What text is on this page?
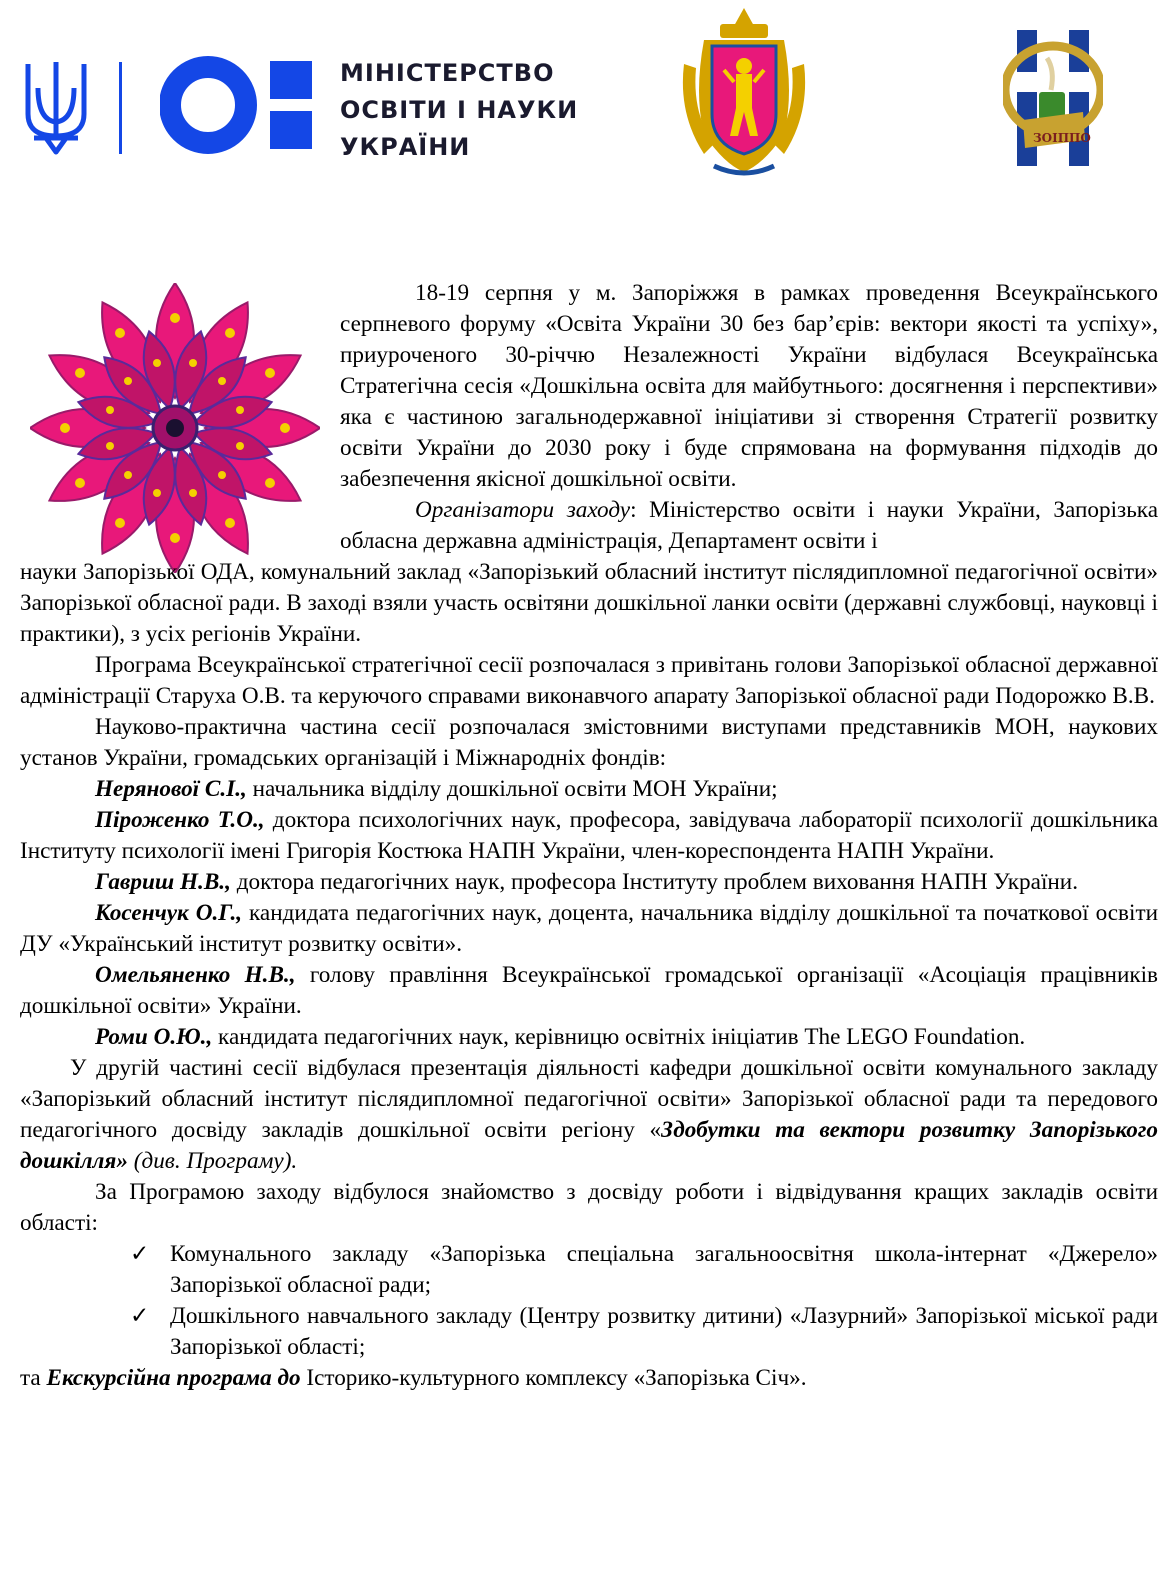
МІНІСТЕРСТВО
ОСВІТИ І НАУКИ
УКРАЇНИ	ЗОІППО

18-19 серпня у м. Запоріжжя в рамках проведення Всеукраїнського серпневого форуму «Освіта України 30 без бар’єрів: вектори якості та успіху», приуроченого 30-річчю Незалежності України відбулася Всеукраїнська Стратегічна сесія «Дошкільна освіта для майбутнього: досягнення і перспективи» яка є частиною загальнодержавної ініціативи зі створення Стратегії розвитку освіти України до 2030 року і буде спрямована на формування підходів до забезпечення якісної дошкільної освіти.

Організатори заходу: Міністерство освіти і науки України, Запорізька обласна державна адміністрація, Департамент освіти і

науки Запорізької ОДА, комунальний заклад «Запорізький обласний інститут післядипломної педагогічної освіти» Запорізької обласної ради. В заході взяли участь освітяни дошкільної ланки освіти (державні службовці, науковці і практики), з усіх регіонів України.

Програма Всеукраїнської стратегічної сесії розпочалася з привітань голови Запорізької обласної державної адміністрації Старуха О.В. та керуючого справами виконавчого апарату Запорізької обласної ради Подорожко В.В.

Науково-практична частина сесії розпочалася змістовними виступами представників МОН, наукових установ України, громадських організацій і Міжнародніх фондів:

Нерянової С.І., начальника відділу дошкільної освіти МОН України;

Піроженко Т.О., доктора психологічних наук, професора, завідувача лабораторії психології дошкільника Інституту психології імені Григорія Костюка НАПН України, член-кореспондента НАПН України.

Гавриш Н.В., доктора педагогічних наук, професора Інституту проблем виховання НАПН України.

Косенчук О.Г., кандидата педагогічних наук, доцента, начальника відділу дошкільної та початкової освіти ДУ «Український інститут розвитку освіти».

Омельяненко Н.В., голову правління Всеукраїнської громадської організації «Асоціація працівників дошкільної освіти» України.

Роми О.Ю., кандидата педагогічних наук, керівницю освітніх ініціатив The LEGO Foundation.

У другій частині сесії відбулася презентація діяльності кафедри дошкільної освіти комунального закладу «Запорізький обласний інститут післядипломної педагогічної освіти» Запорізької обласної ради та передового педагогічного досвіду закладів дошкільної освіти регіону «Здобутки та вектори розвитку Запорізького дошкілля» (див. Програму).

За Програмою заходу відбулося знайомство з досвіду роботи і відвідування кращих закладів освіти області:

✓ Комунального закладу «Запорізька спеціальна загальноосвітня школа-інтернат «Джерело» Запорізької обласної ради;
✓ Дошкільного навчального закладу (Центру розвитку дитини) «Лазурний» Запорізької міської ради Запорізької області;

та Екскурсійна програма до Історико-культурного комплексу «Запорізька Січ».
